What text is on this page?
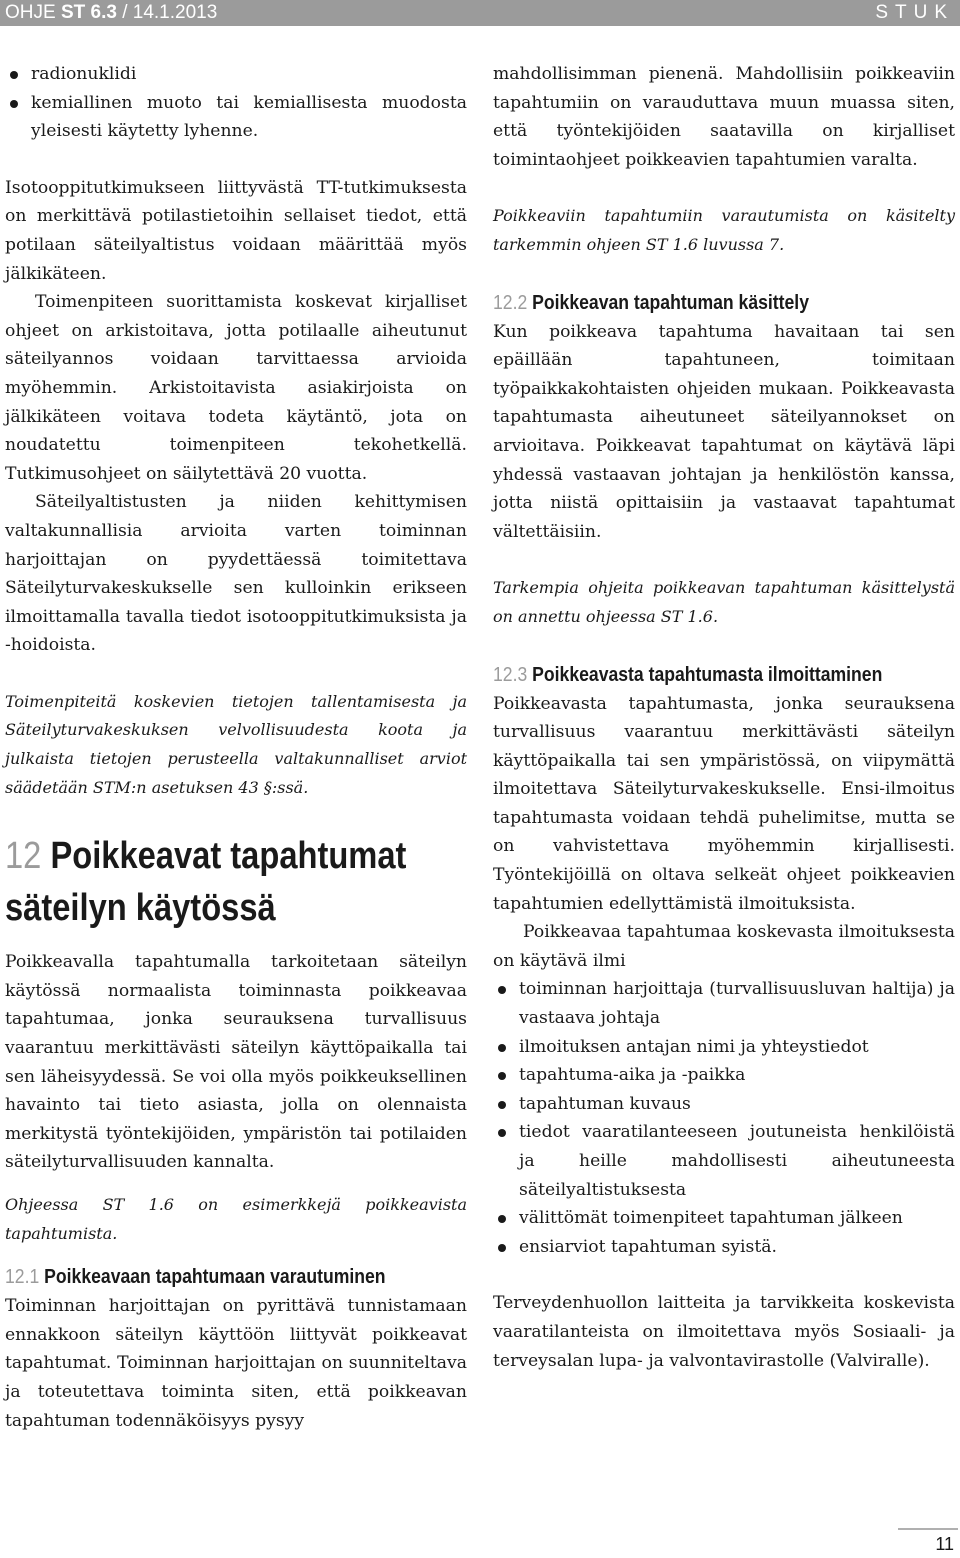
OHJE ST 6.3 / 14.1.2013	STUK
radionuklidi
kemiallinen muoto tai kemiallisesta muodosta yleisesti käytetty lyhenne.

Isotooppitutkimukseen liittyvästä TT-tutkimuksesta on merkittävä potilastietoihin sellaiset tiedot, että potilaan säteilyaltistus voidaan määrittää myös jälkikäteen.

Toimenpiteen suorittamista koskevat kirjalliset ohjeet on arkistoitava, jotta potilaalle aiheutunut säteilyannos voidaan tarvittaessa arvioida myöhemmin. Arkistoitavista asiakirjoista on jälkikäteen voitava todeta käytäntö, jota on noudatettu toimenpiteen tekohetkellä. Tutkimusohjeet on säilytettävä 20 vuotta.

Säteilyaltistusten ja niiden kehittymisen valtakunnallisia arvioita varten toiminnan harjoittajan on pyydettäessä toimitettava Säteilyturvakeskukselle sen kulloinkin erikseen ilmoittamalla tavalla tiedot isotooppitutkimuksista ja -hoidoista.

Toimenpiteitä koskevien tietojen tallentamisesta ja Säteilyturvakeskuksen velvollisuudesta koota ja julkaista tietojen perusteella valtakunnalliset arviot säädetään STM:n asetuksen 43 §:ssä.

12 Poikkeavat tapahtumat
säteilyn käytössä

Poikkeavalla tapahtumalla tarkoitetaan säteilyn käytössä normaalista toiminnasta poikkeavaa tapahtumaa, jonka seurauksena turvallisuus vaarantuu merkittävästi säteilyn käyttöpaikalla tai sen läheisyydessä. Se voi olla myös poikkeuksellinen havainto tai tieto asiasta, jolla on olennaista merkitystä työntekijöiden, ympäristön tai potilaiden säteilyturvallisuuden kannalta.

Ohjeessa ST 1.6 on esimerkkejä poikkeavista tapahtumista.

12.1 Poikkeavaan tapahtumaan varautuminen

Toiminnan harjoittajan on pyrittävä tunnistamaan ennakkoon säteilyn käyttöön liittyvät poikkeavat tapahtumat. Toiminnan harjoittajan on suunniteltava ja toteutettava toiminta siten, että poikkeavan tapahtuman todennäköisyys pysyy

mahdollisimman pienenä. Mahdollisiin poikkeaviin tapahtumiin on varauduttava muun muassa siten, että työntekijöiden saatavilla on kirjalliset toimintaohjeet poikkeavien tapahtumien varalta.

Poikkeaviin tapahtumiin varautumista on käsitelty tarkemmin ohjeen ST 1.6 luvussa 7.

12.2 Poikkeavan tapahtuman käsittely

Kun poikkeava tapahtuma havaitaan tai sen epäillään tapahtuneen, toimitaan työpaikkakohtaisten ohjeiden mukaan. Poikkeavasta tapahtumasta aiheutuneet säteilyannokset on arvioitava. Poikkeavat tapahtumat on käytävä läpi yhdessä vastaavan johtajan ja henkilöstön kanssa, jotta niistä opittaisiin ja vastaavat tapahtumat vältettäisiin.

Tarkempia ohjeita poikkeavan tapahtuman käsittelystä on annettu ohjeessa ST 1.6.

12.3 Poikkeavasta tapahtumasta ilmoittaminen

Poikkeavasta tapahtumasta, jonka seurauksena turvallisuus vaarantuu merkittävästi säteilyn käyttöpaikalla tai sen ympäristössä, on viipymättä ilmoitettava Säteilyturvakeskukselle. Ensi-ilmoitus tapahtumasta voidaan tehdä puhelimitse, mutta se on vahvistettava myöhemmin kirjallisesti. Työntekijöillä on oltava selkeät ohjeet poikkeavien tapahtumien edellyttämistä ilmoituksista.

Poikkeavaa tapahtumaa koskevasta ilmoituksesta on käytävä ilmi

toiminnan harjoittaja (turvallisuusluvan haltija) ja vastaava johtaja
ilmoituksen antajan nimi ja yhteystiedot
tapahtuma-aika ja -paikka
tapahtuman kuvaus
tiedot vaaratilanteeseen joutuneista henkilöistä ja heille mahdollisesti aiheutuneesta säteilyaltistuksesta
välittömät toimenpiteet tapahtuman jälkeen
ensiarviot tapahtuman syistä.

Terveydenhuollon laitteita ja tarvikkeita koskevista vaaratilanteista on ilmoitettava myös Sosiaali- ja terveysalan lupa- ja valvontavirastolle (Valviralle).

11
